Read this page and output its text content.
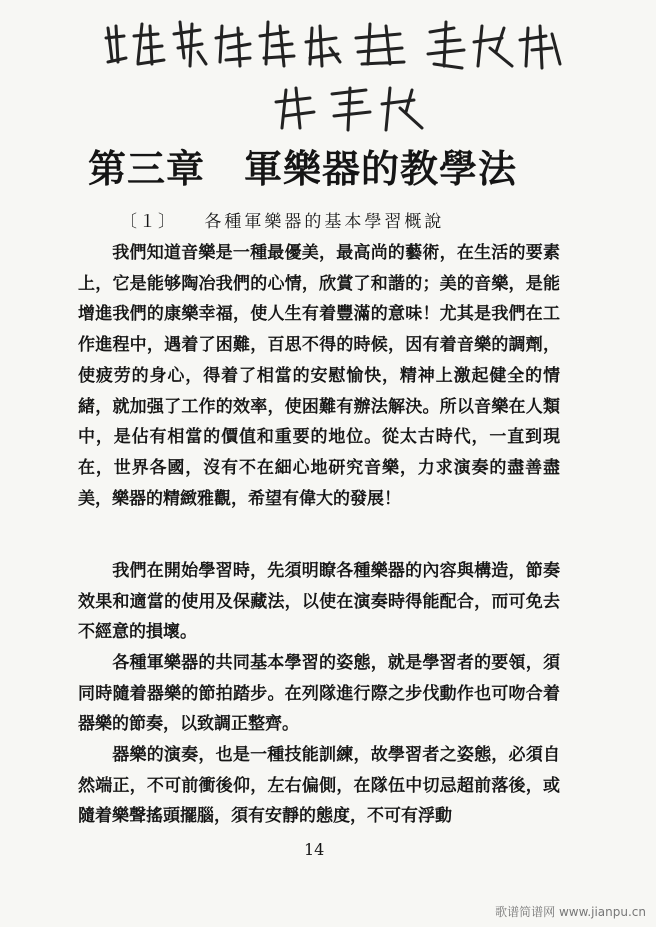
第三章　軍樂器的教學法
〔１〕 各種軍樂器的基本學習概說

我們知道音樂是一種最優美，最高尚的藝術，在生活的要素上，它是能够陶冶我們的心情，欣賞了和諧的；美的音樂，是能增進我們的康樂幸福，使人生有着豐滿的意味！尤其是我們在工作進程中，遇着了困難，百思不得的時候，因有着音樂的調劑，使疲劳的身心，得着了相當的安慰愉快，精神上激起健全的情緒，就加强了工作的效率，使困難有辦法解決。所以音樂在人類中，是佔有相當的價值和重要的地位。從太古時代，一直到現在，世界各國，沒有不在細心地研究音樂，力求演奏的盡善盡美，樂器的精緻雅觀，希望有偉大的發展！

我們在開始學習時，先須明瞭各種樂器的內容與構造，節奏效果和適當的使用及保藏法，以使在演奏時得能配合，而可免去不經意的損壞。

各種軍樂器的共同基本學習的姿態，就是學習者的要領，須同時隨着器樂的節拍踏步。在列隊進行際之步伐動作也可吻合着器樂的節奏，以致調正整齊。

器樂的演奏，也是一種技能訓練，故學習者之姿態，必須自然端正，不可前衝後仰，左右偏側，在隊伍中切忌超前落後，或隨着樂聲搖頭擺腦，須有安靜的態度，不可有浮動

14
歌谱简谱网 www.jianpu.cn
